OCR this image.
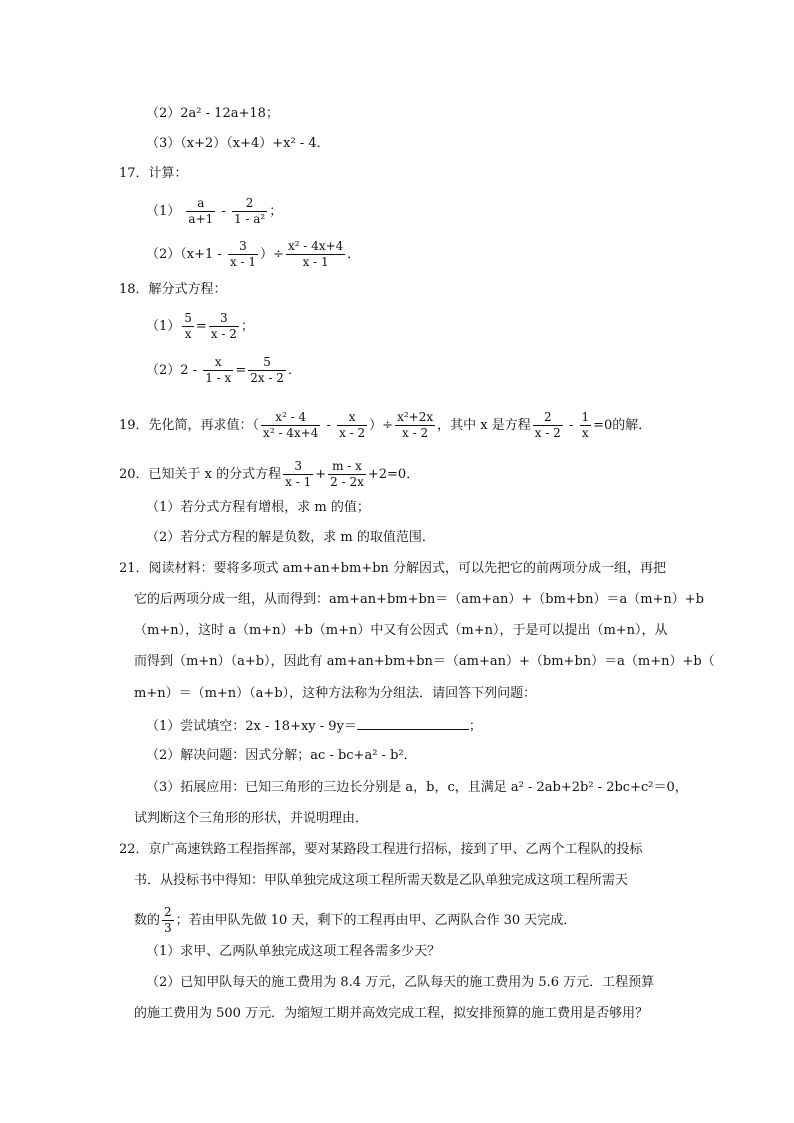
（2）2a² - 12a+18；
（3）（x+2）（x+4）+x² - 4．
17．计算：
$(1) \frac{a}{a+1} - \frac{2}{\text{1 - a²}}$ ；
$(2)(x+1 - \frac{3}{x - 1}$ ）÷ $\frac{\text{x² - 4x+4}}{x - 1}$ ．
18．解分式方程：
$(1) \frac{5}{x} = \frac{3}{x - 2}$ ；
$(2)2 - \frac{x}{1 - x} = \frac{5}{2x - 2}$ ．
19．先化简，再求值：（ $\frac{\text{x² - 4}}{\text{x² - 4x+4}} - \frac{x}{x - 2}$ ）÷ $\frac{\text{x²+2x}}{x - 2}$ ，其中 x 是方程 $\frac{2}{x - 2} - \frac{1}{x} =0$的解．
20．已知关于 x 的分式方程 $\frac{3}{x - 1} + \frac{m - x}{2 - 2x} +2=0$．
（1）若分式方程有增根，求 m 的值；
（2）若分式方程的解是负数，求 m 的取值范围．
21．阅读材料：要将多项式 am+an+bm+bn 分解因式，可以先把它的前两项分成一组，再把
它的后两项分成一组，从而得到：am+an+bm+bn＝（am+an）+（bm+bn）＝a（m+n）+b
（m+n），这时 a（m+n）+b（m+n）中又有公因式（m+n），于是可以提出（m+n），从
而得到（m+n）（a+b），因此有 am+an+bm+bn＝（am+an）+（bm+bn）＝a（m+n）+b（
m+n）＝（m+n）（a+b），这种方法称为分组法．请回答下列问题：
（1）尝试填空：2x - 18+xy - 9y＝	；
（2）解决问题：因式分解；ac - bc+a² - b²．
（3）拓展应用：已知三角形的三边长分别是 a，b，c，且满足 a² - 2ab+2b² - 2bc+c²＝0，
试判断这个三角形的形状，并说明理由．
22．京广高速铁路工程指挥部，要对某路段工程进行招标，接到了甲、乙两个工程队的投标
书．从投标书中得知：甲队单独完成这项工程所需天数是乙队单独完成这项工程所需天
数的 $\frac{2}{3}$ ；若由甲队先做 10 天，剩下的工程再由甲、乙两队合作 30 天完成．
（1）求甲、乙两队单独完成这项工程各需多少天？
（2）已知甲队每天的施工费用为 8.4 万元，乙队每天的施工费用为 5.6 万元．工程预算
的施工费用为 500 万元．为缩短工期并高效完成工程，拟安排预算的施工费用是否够用？
